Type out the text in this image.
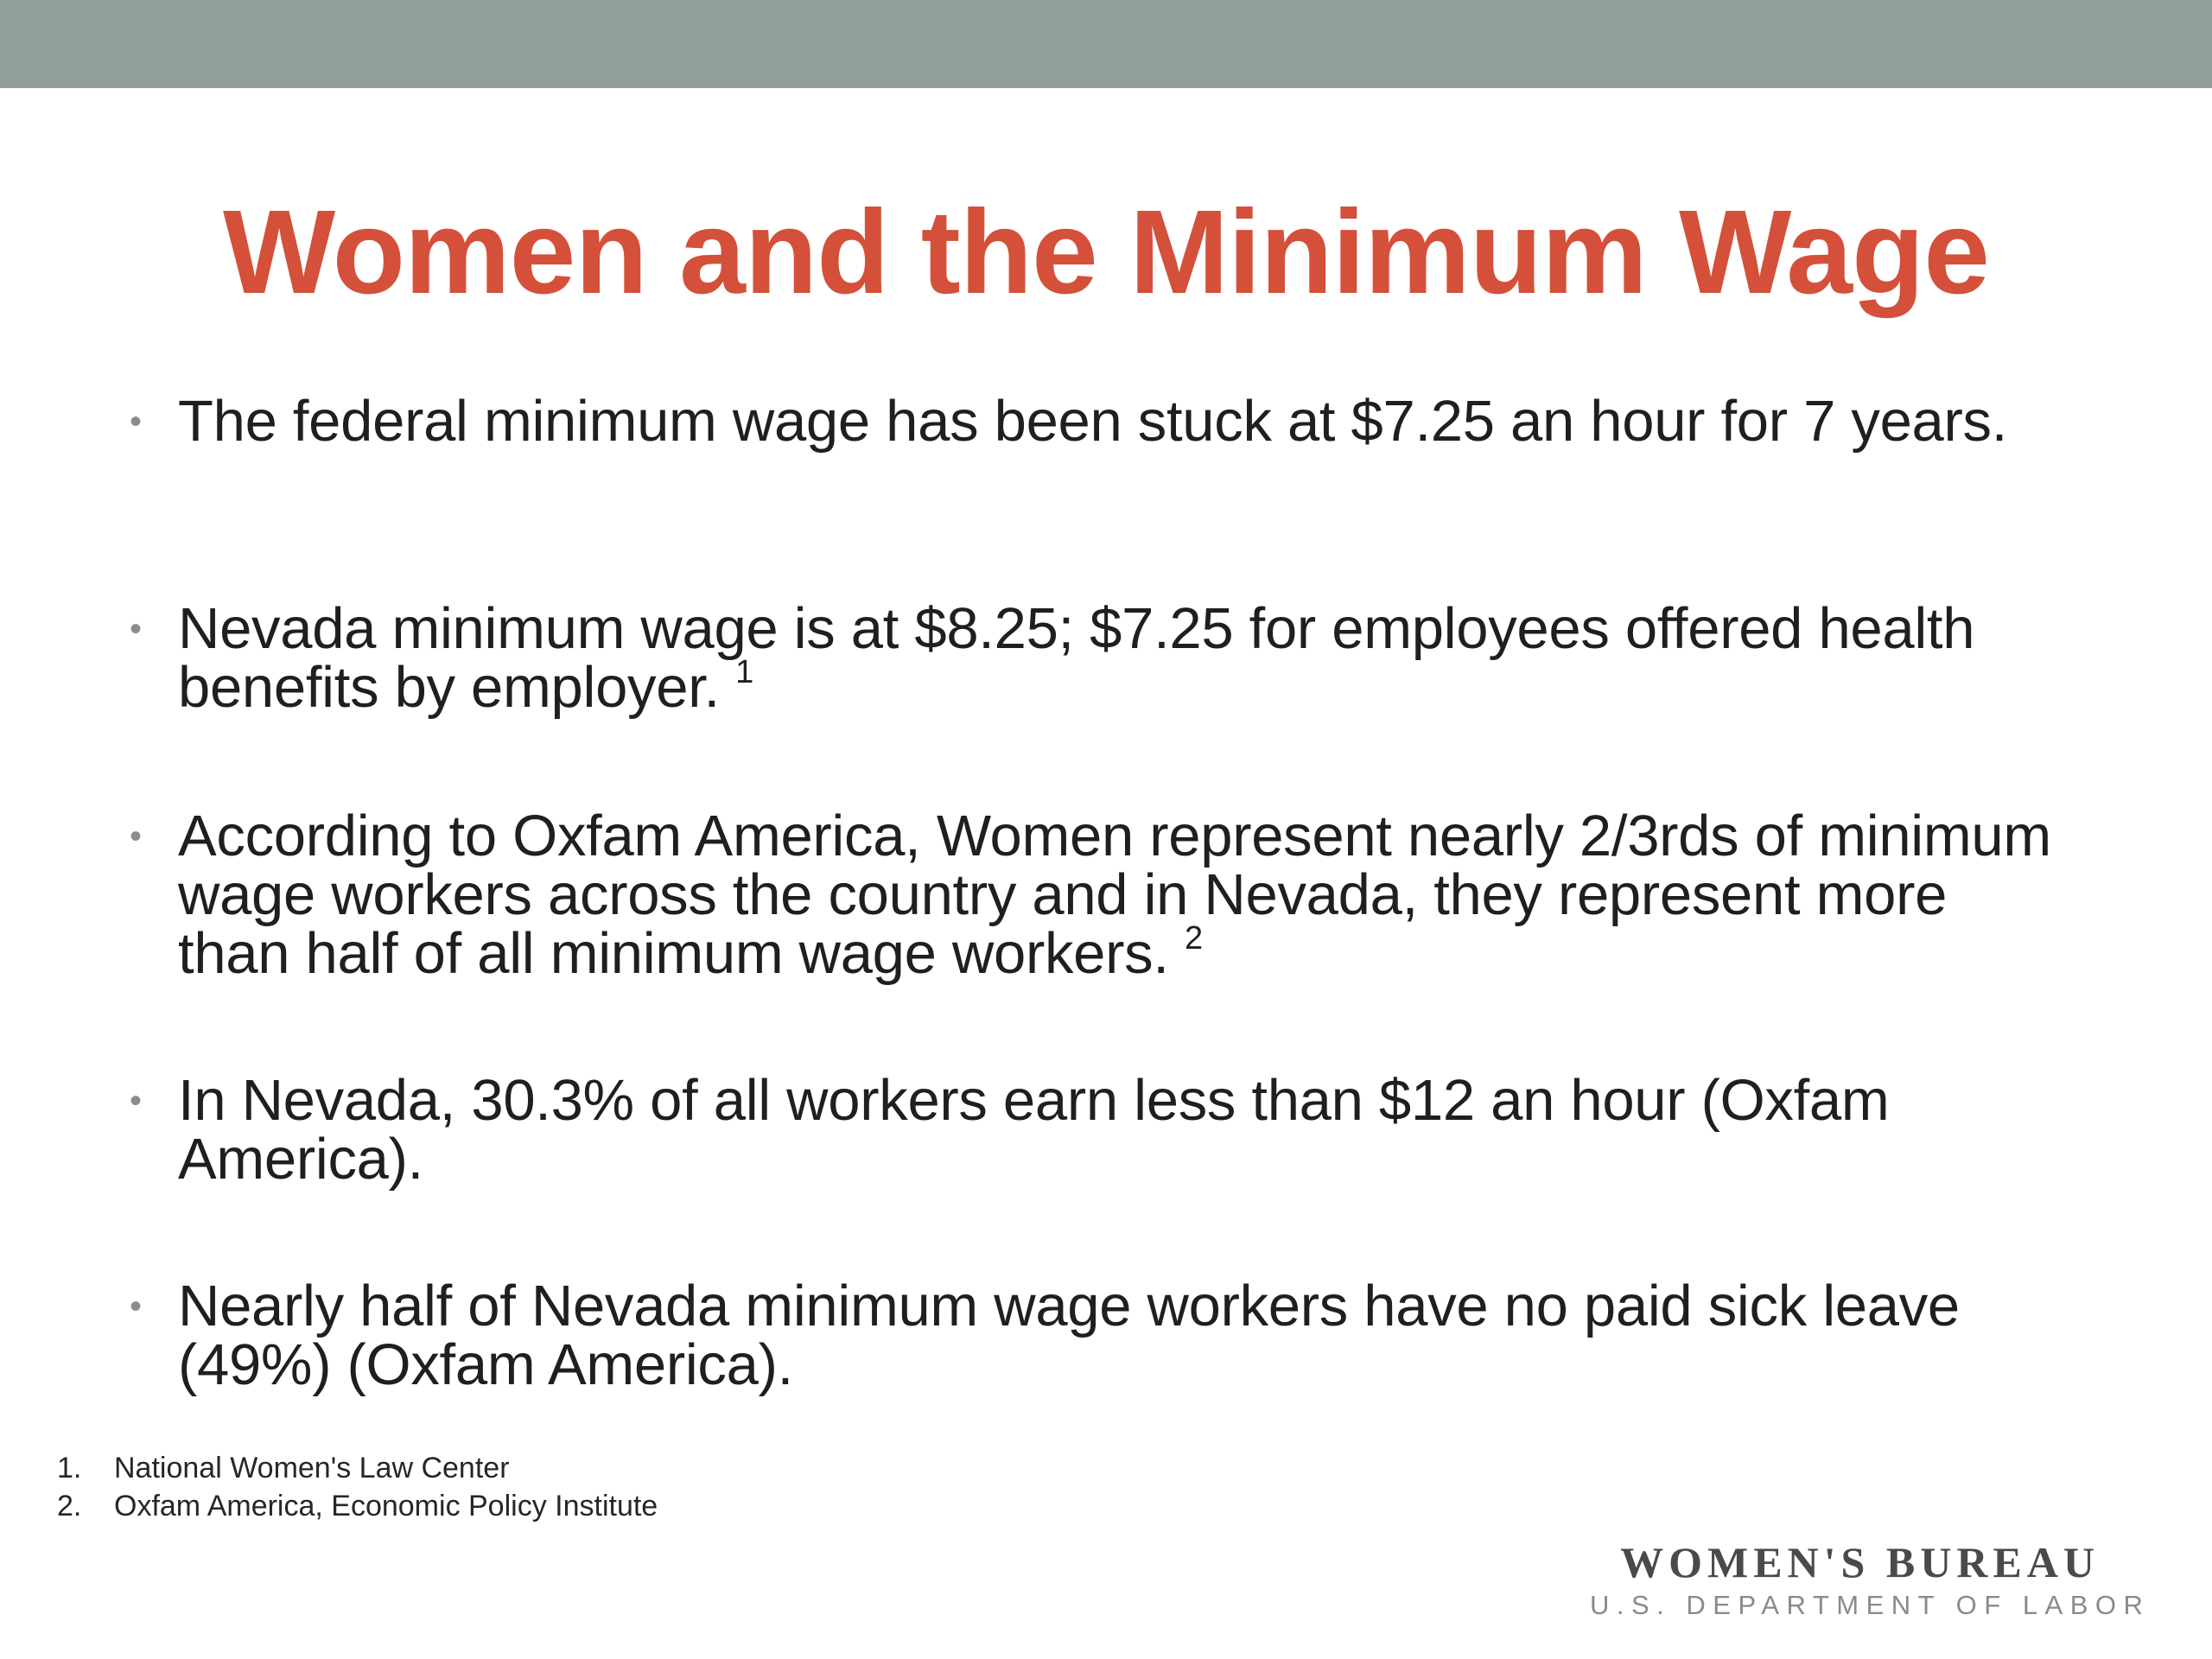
Women and the Minimum Wage
• The federal minimum wage has been stuck at $7.25 an hour for 7 years.
• Nevada minimum wage is at $8.25; $7.25 for employees offered health benefits by employer. $^1$
• According to Oxfam America, Women represent nearly 2/3rds of minimum wage workers across the country and in Nevada, they represent more than half of all minimum wage workers. $^2$
• In Nevada, 30.3% of all workers earn less than $12 an hour (Oxfam America).
• Nearly half of Nevada minimum wage workers have no paid sick leave (49%) (Oxfam America).
1. National Women's Law Center
2. Oxfam America, Economic Policy Institute
WOMEN'S BUREAU
U.S. DEPARTMENT OF LABOR
